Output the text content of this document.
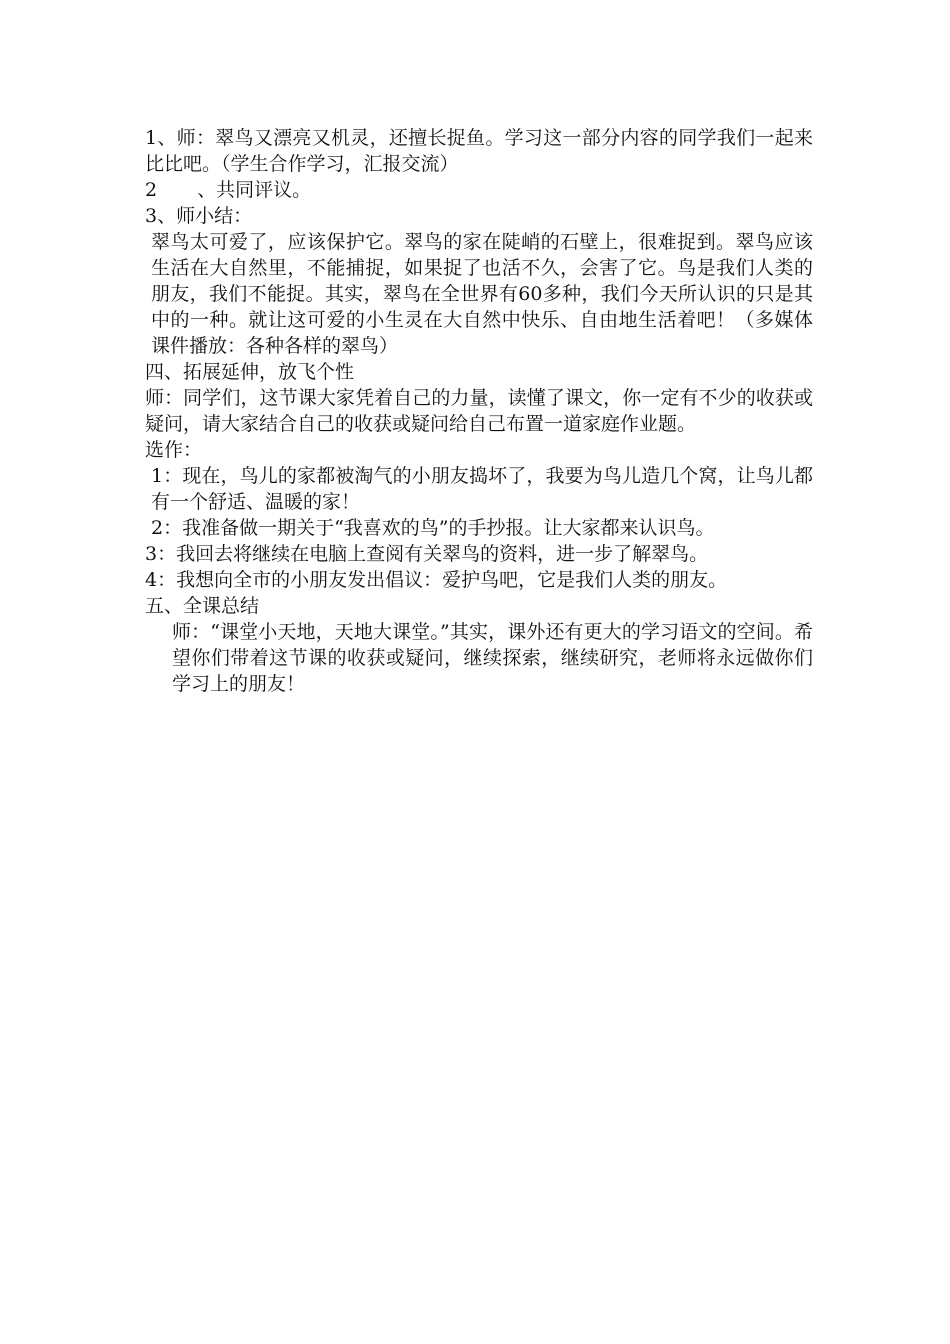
1、师：翠鸟又漂亮又机灵，还擅长捉鱼。学习这一部分内容的同学我们一起来比比吧。（学生合作学习，汇报交流）

2 、共同评议。

3、师小结：

翠鸟太可爱了，应该保护它。翠鸟的家在陡峭的石壁上，很难捉到。翠鸟应该生活在大自然里，不能捕捉，如果捉了也活不久，会害了它。鸟是我们人类的朋友，我们不能捉。其实，翠鸟在全世界有60多种，我们今天所认识的只是其中的一种。就让这可爱的小生灵在大自然中快乐、自由地生活着吧！（多媒体课件播放：各种各样的翠鸟）

四、拓展延伸，放飞个性

师：同学们，这节课大家凭着自己的力量，读懂了课文，你一定有不少的收获或疑问，请大家结合自己的收获或疑问给自己布置一道家庭作业题。

选作：

1：现在，鸟儿的家都被淘气的小朋友捣坏了，我要为鸟儿造几个窝，让鸟儿都有一个舒适、温暖的家！

2：我准备做一期关于“我喜欢的鸟”的手抄报。让大家都来认识鸟。

3：我回去将继续在电脑上查阅有关翠鸟的资料，进一步了解翠鸟。

4：我想向全市的小朋友发出倡议：爱护鸟吧，它是我们人类的朋友。

五、全课总结

师：“课堂小天地，天地大课堂。”其实，课外还有更大的学习语文的空间。希望你们带着这节课的收获或疑问，继续探索，继续研究，老师将永远做你们学习上的朋友！
